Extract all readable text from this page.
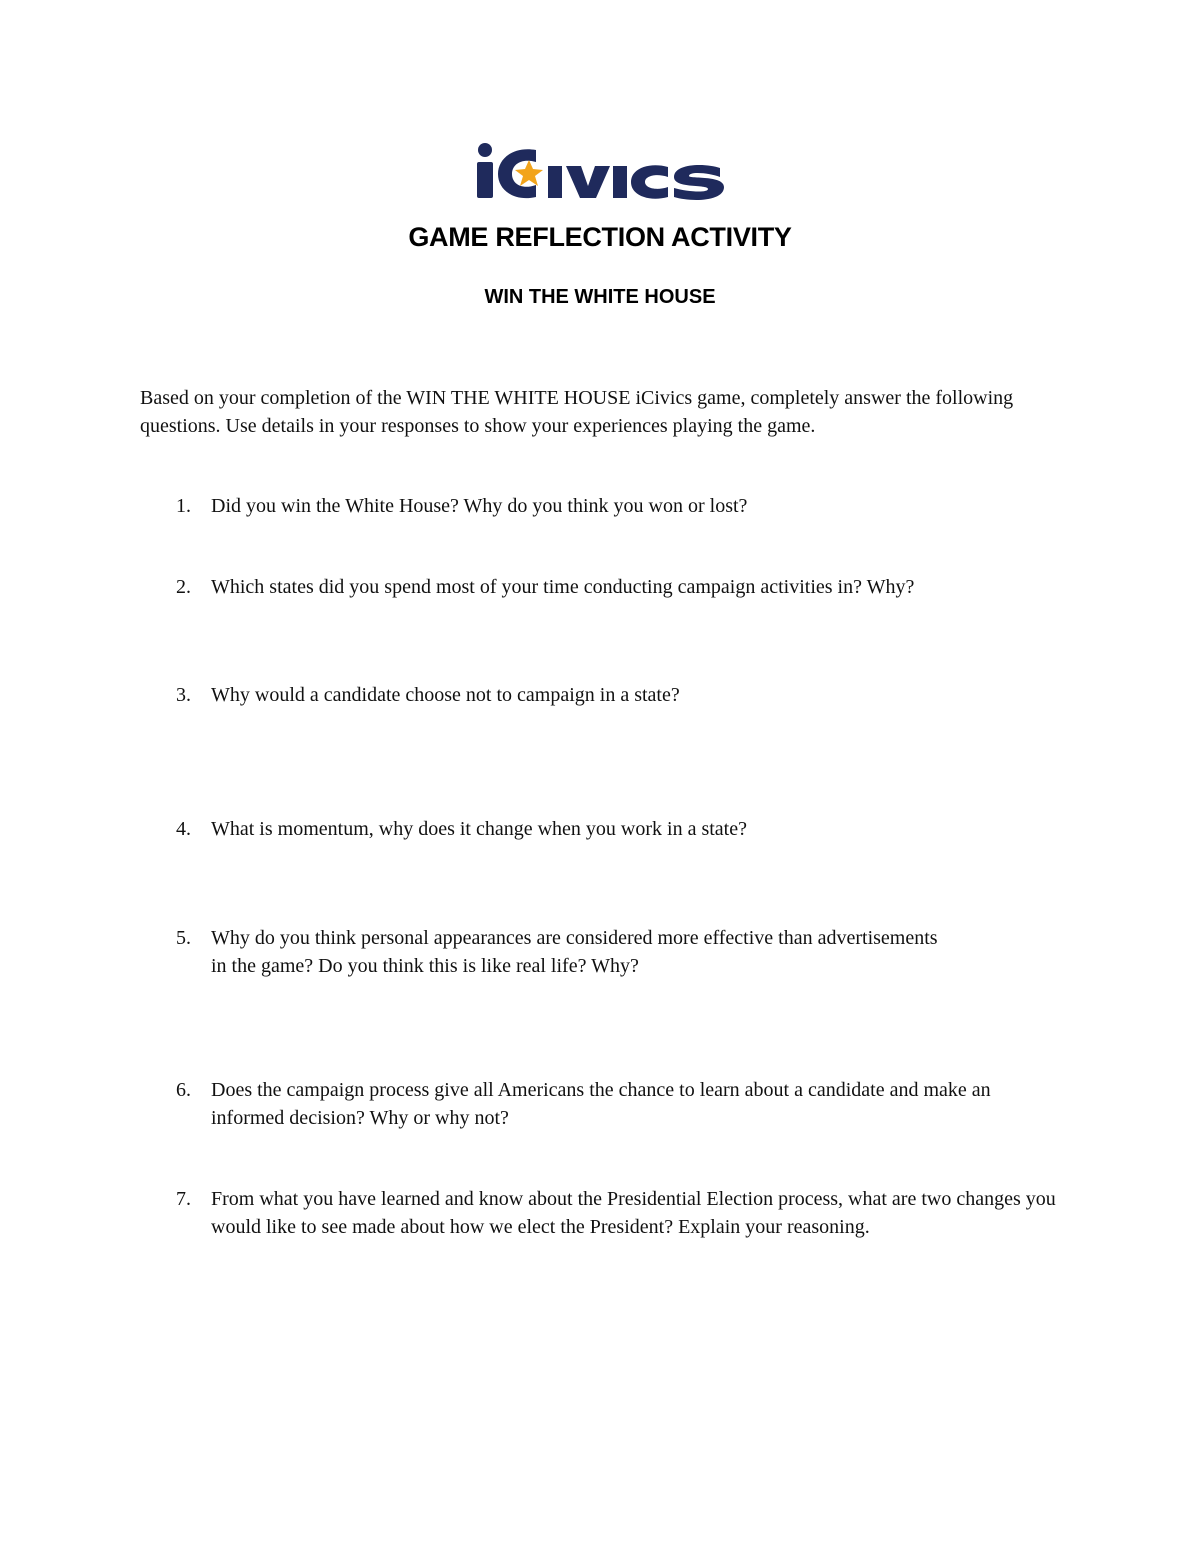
GAME REFLECTION ACTIVITY
WIN THE WHITE HOUSE

Based on your completion of the WIN THE WHITE HOUSE iCivics game, completely answer the following questions. Use details in your responses to show your experiences playing the game.

1. Did you win the White House? Why do you think you won or lost?
2. Which states did you spend most of your time conducting campaign activities in? Why?
3. Why would a candidate choose not to campaign in a state?
4. What is momentum, why does it change when you work in a state?
5. Why do you think personal appearances are considered more effective than advertisements in the game? Do you think this is like real life? Why?
6. Does the campaign process give all Americans the chance to learn about a candidate and make an informed decision? Why or why not?
7. From what you have learned and know about the Presidential Election process, what are two changes you would like to see made about how we elect the President? Explain your reasoning.
